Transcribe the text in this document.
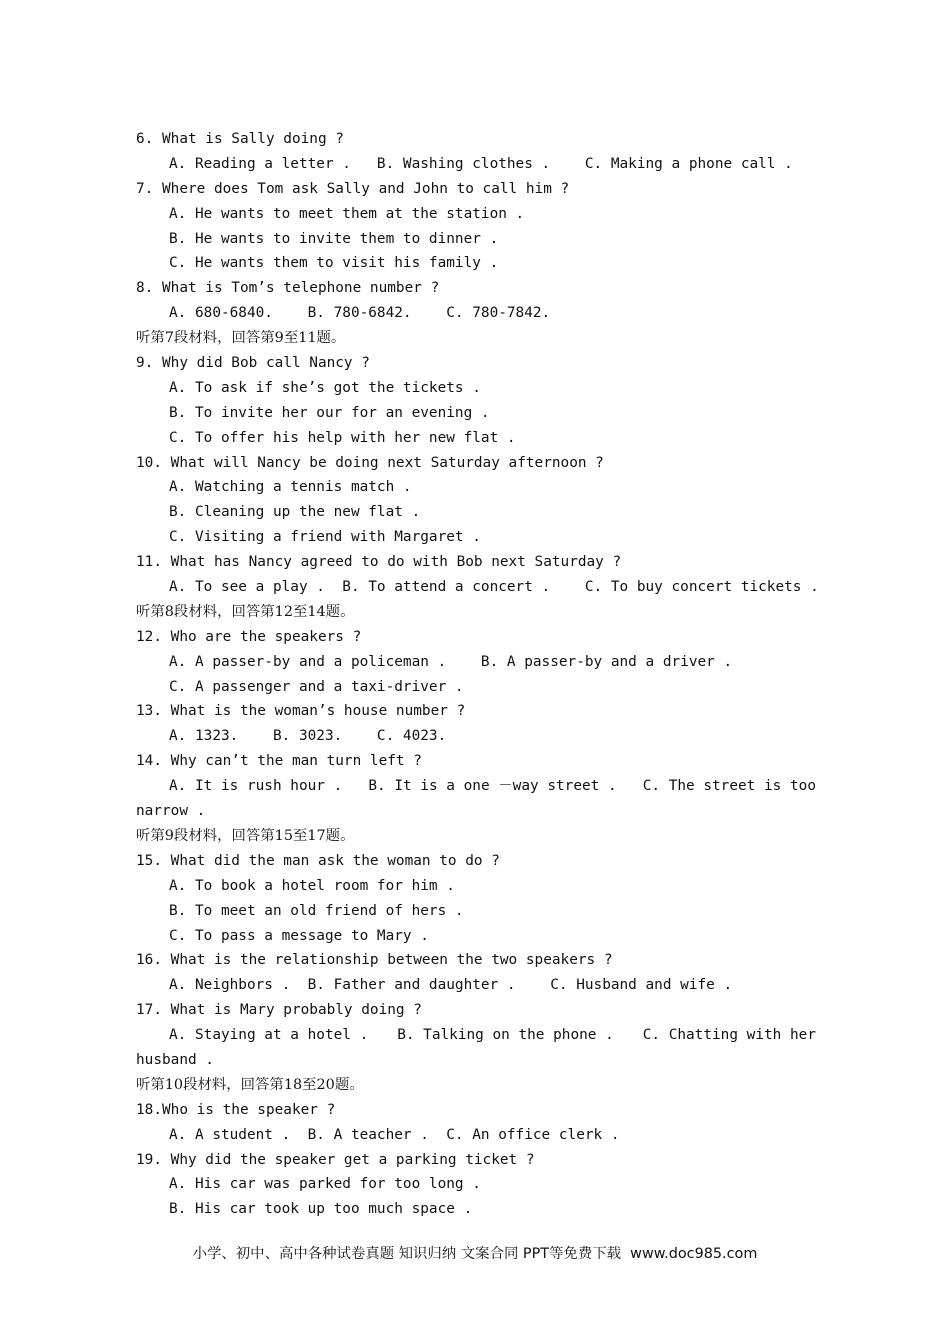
6. What is Sally doing ?
A. Reading a letter .   B. Washing clothes .    C. Making a phone call .
7. Where does Tom ask Sally and John to call him ?
A. He wants to meet them at the station .
B. He wants to invite them to dinner .
C. He wants them to visit his family .
8. What is Tom’s telephone number ?
A. 680-6840.    B. 780-6842.    C. 780-7842.
听第7段材料，回答第9至11题。
9. Why did Bob call Nancy ?
A. To ask if she’s got the tickets .
B. To invite her our for an evening .
C. To offer his help with her new flat .
10. What will Nancy be doing next Saturday afternoon ?
A. Watching a tennis match .
B. Cleaning up the new flat .
C. Visiting a friend with Margaret .
11. What has Nancy agreed to do with Bob next Saturday ?
A. To see a play .  B. To attend a concert .    C. To buy concert tickets .
听第8段材料，回答第12至14题。
12. Who are the speakers ?
A. A passer-by and a policeman .    B. A passer-by and a driver .
C. A passenger and a taxi-driver .
13. What is the woman’s house number ?
A. 1323.    B. 3023.    C. 4023.
14. Why can’t the man turn left ?
A. It is rush hour . B. It is a one －way street . C. The street is too
narrow .
听第9段材料，回答第15至17题。
15. What did the man ask the woman to do ?
A. To book a hotel room for him .
B. To meet an old friend of hers .
C. To pass a message to Mary .
16. What is the relationship between the two speakers ?
A. Neighbors .  B. Father and daughter .    C. Husband and wife .
17. What is Mary probably doing ?
A. Staying at a hotel . B. Talking on the phone . C. Chatting with her
husband .
听第10段材料，回答第18至20题。
18.Who is the speaker ?
A. A student .  B. A teacher .  C. An office clerk .
19. Why did the speaker get a parking ticket ?
A. His car was parked for too long .
B. His car took up too much space .
小学、初中、高中各种试卷真题 知识归纳 文案合同 PPT等免费下载  www.doc985.com
